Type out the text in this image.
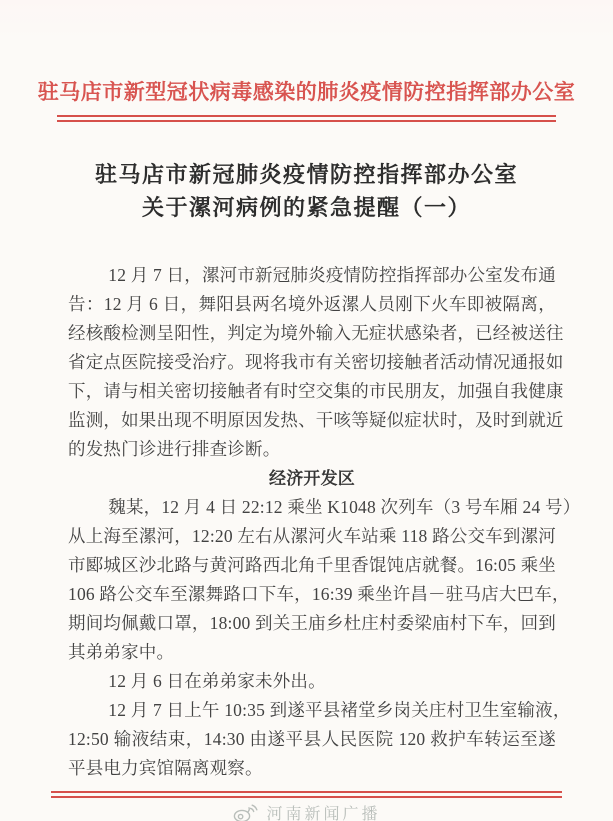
驻马店市新型冠状病毒感染的肺炎疫情防控指挥部办公室
驻马店市新冠肺炎疫情防控指挥部办公室
关于漯河病例的紧急提醒（一）
12 月 7 日，漯河市新冠肺炎疫情防控指挥部办公室发布通
告：12 月 6 日，舞阳县两名境外返漯人员刚下火车即被隔离，
经核酸检测呈阳性，判定为境外输入无症状感染者，已经被送往
省定点医院接受治疗。现将我市有关密切接触者活动情况通报如
下，请与相关密切接触者有时空交集的市民朋友，加强自我健康
监测，如果出现不明原因发热、干咳等疑似症状时，及时到就近
的发热门诊进行排查诊断。
经济开发区
魏某，12 月 4 日 22:12 乘坐 K1048 次列车（3 号车厢 24 号）
从上海至漯河，12:20 左右从漯河火车站乘 118 路公交车到漯河
市郾城区沙北路与黄河路西北角千里香馄饨店就餐。16:05 乘坐
106 路公交车至漯舞路口下车，16:39 乘坐许昌－驻马店大巴车，
期间均佩戴口罩，18:00 到关王庙乡杜庄村委梁庙村下车，回到
其弟弟家中。
12 月 6 日在弟弟家未外出。
12 月 7 日上午 10:35 到遂平县褚堂乡岗关庄村卫生室输液，
12:50 输液结束，14:30 由遂平县人民医院 120 救护车转运至遂
平县电力宾馆隔离观察。
河南新闻广播
